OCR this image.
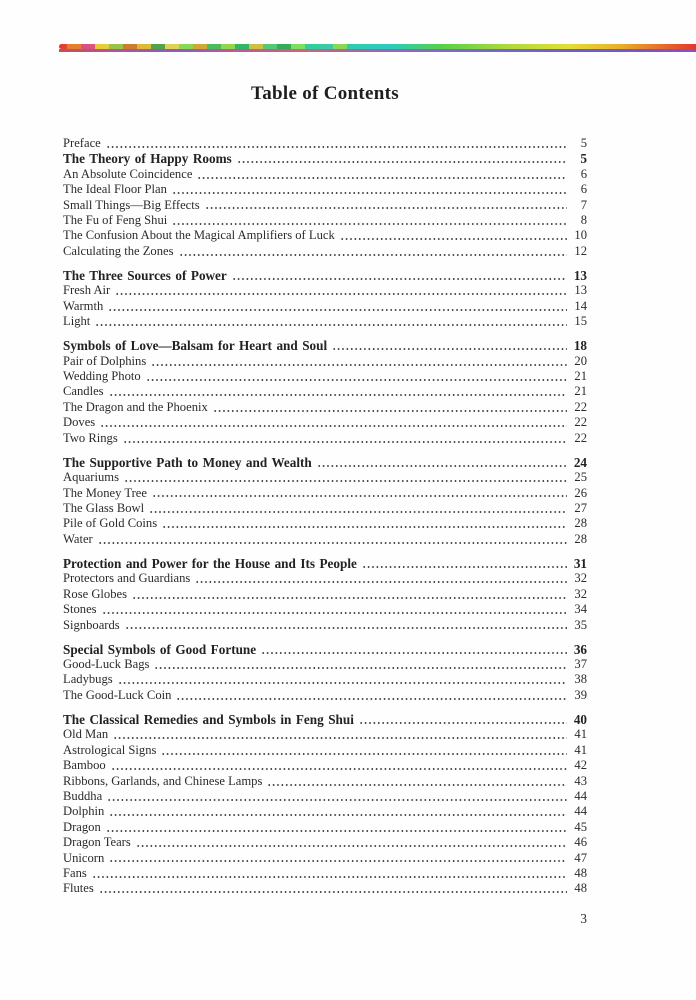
Table of Contents
Preface	5
The Theory of Happy Rooms	5
An Absolute Coincidence	6
The Ideal Floor Plan	6
Small Things—Big Effects	7
The Fu of Feng Shui	8
The Confusion About the Magical Amplifiers of Luck	10
Calculating the Zones	12
The Three Sources of Power	13
Fresh Air	13
Warmth	14
Light	15
Symbols of Love—Balsam for Heart and Soul	18
Pair of Dolphins	20
Wedding Photo	21
Candles	21
The Dragon and the Phoenix	22
Doves	22
Two Rings	22
The Supportive Path to Money and Wealth	24
Aquariums	25
The Money Tree	26
The Glass Bowl	27
Pile of Gold Coins	28
Water	28
Protection and Power for the House and Its People	31
Protectors and Guardians	32
Rose Globes	32
Stones	34
Signboards	35
Special Symbols of Good Fortune	36
Good-Luck Bags	37
Ladybugs	38
The Good-Luck Coin	39
The Classical Remedies and Symbols in Feng Shui	40
Old Man	41
Astrological Signs	41
Bamboo	42
Ribbons, Garlands, and Chinese Lamps	43
Buddha	44
Dolphin	44
Dragon	45
Dragon Tears	46
Unicorn	47
Fans	48
Flutes	48
3
